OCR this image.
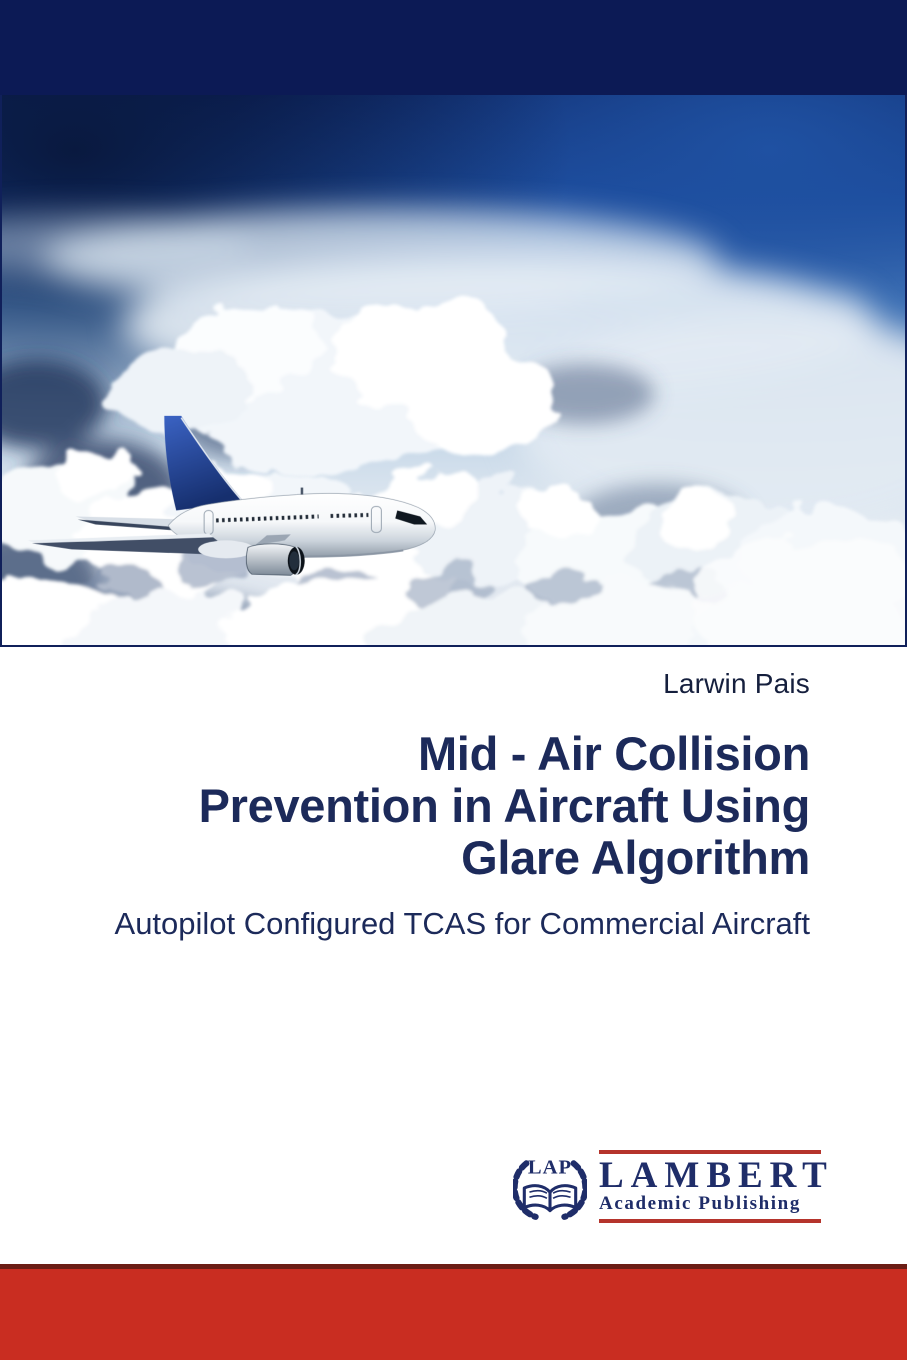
Larwin Pais
Mid - Air Collision
Prevention in Aircraft Using
Glare Algorithm
Autopilot Configured TCAS for Commercial Aircraft
LAP LAMBERT
Academic Publishing
